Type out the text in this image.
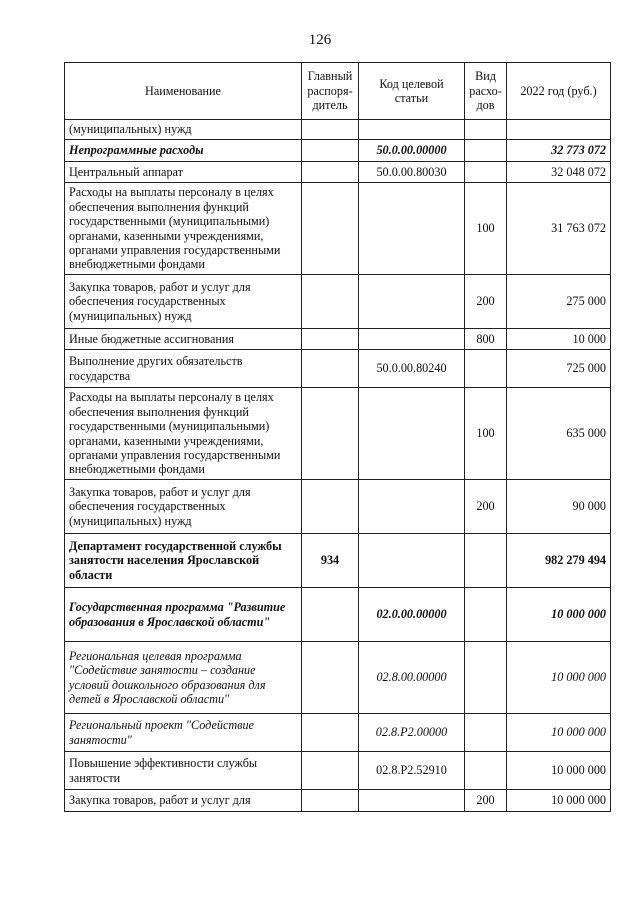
126
Наименование	Главный распоря-дитель	Код целевой статьи	Вид расхо-дов	2022 год (руб.)
(муниципальных) нужд				
Непрограммные расходы		50.0.00.00000		32 773 072
Центральный аппарат		50.0.00.80030		32 048 072
Расходы на выплаты персоналу в целях обеспечения выполнения функций государственными (муниципальными) органами, казенными учреждениями, органами управления государственными внебюджетными фондами			100	31 763 072
Закупка товаров, работ и услуг для обеспечения государственных (муниципальных) нужд			200	275 000
Иные бюджетные ассигнования			800	10 000
Выполнение других обязательств государства		50.0.00.80240		725 000
Расходы на выплаты персоналу в целях обеспечения выполнения функций государственными (муниципальными) органами, казенными учреждениями, органами управления государственными внебюджетными фондами			100	635 000
Закупка товаров, работ и услуг для обеспечения государственных (муниципальных) нужд			200	90 000
Департамент государственной службы занятости населения Ярославской области	934			982 279 494
Государственная программа "Развитие образования в Ярославской области"		02.0.00.00000		10 000 000
Региональная целевая программа "Содействие занятости – создание условий дошкольного образования для детей в Ярославской области"		02.8.00.00000		10 000 000
Региональный проект "Содействие занятости"		02.8.P2.00000		10 000 000
Повышение эффективности службы занятости		02.8.P2.52910		10 000 000
Закупка товаров, работ и услуг для			200	10 000 000
